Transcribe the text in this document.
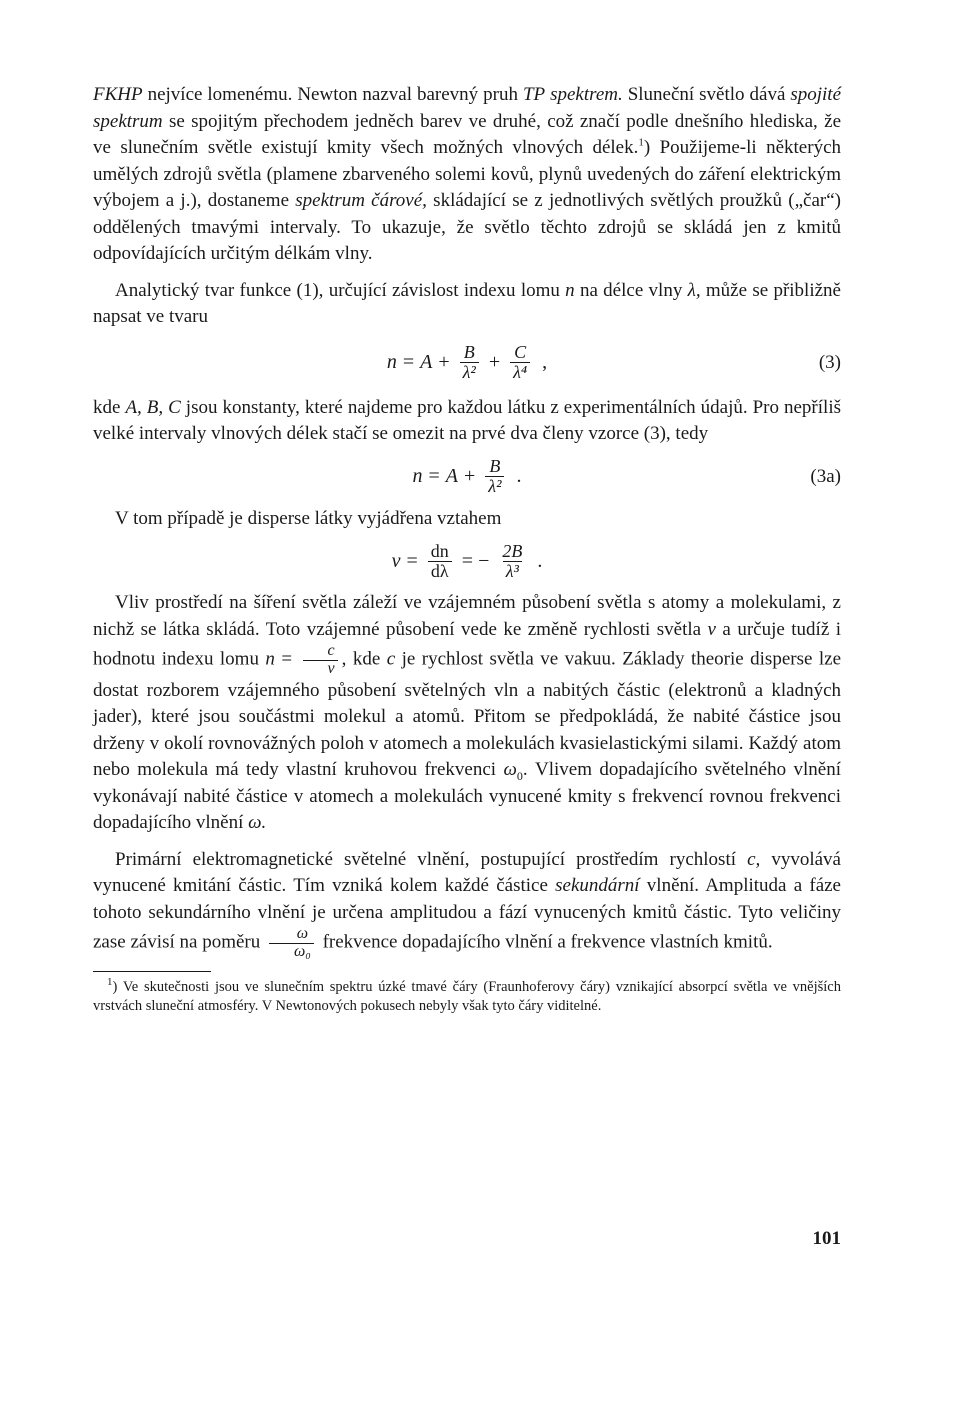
FKHP nejvíce lomenému. Newton nazval barevný pruh TP spektrem. Sluneční světlo dává spojité spektrum se spojitým přechodem jedněch barev ve druhé, což značí podle dnešního hlediska, že ve slunečním světle existují kmity všech možných vlnových délek.$^1$) Použijeme-li některých umělých zdrojů světla (plamene zbarveného solemi kovů, plynů uvedených do záření elektrickým výbojem a j.), dostaneme spektrum čárové, skládající se z jednotlivých světlých proužků („čar“) oddělených tmavými intervaly. To ukazuje, že světlo těchto zdrojů se skládá jen z kmitů odpovídajících určitým délkám vlny.

Analytický tvar funkce (1), určující závislost indexu lomu n na délce vlny λ, může se přibližně napsat ve tvaru

$n = A + \frac{B}{\text{λ²}} + \frac{C}{\text{λ⁴}}$ ,	(3)

kde A, B, C jsou konstanty, které najdeme pro každou látku z experimentálních údajů. Pro nepříliš velké intervaly vlnových délek stačí se omezit na prvé dva členy vzorce (3), tedy

$n = A + \frac{B}{\text{λ²}}$ .	(3a)

V tom případě je disperse látky vyjádřena vztahem

$\nu = \frac{dn}{d\lambda}$ = − $\frac{2B}{\text{λ³}}$ .

Vliv prostředí na šíření světla záleží ve vzájemném působení světla s atomy a molekulami, z nichž se látka skládá. Toto vzájemné působení vede ke změně rychlosti světla v a určuje tudíž i hodnotu indexu lomu $n = \frac{c}{v}$ , kde c je rychlost světla ve vakuu. Základy theorie disperse lze dostat rozborem vzájemného působení světelných vln a nabitých částic (elektronů a kladných jader), které jsou součástmi molekul a atomů. Přitom se předpokládá, že nabité částice jsou drženy v okolí rovnovážných poloh v atomech a molekulách kvasielastickými silami. Každý atom nebo molekula má tedy vlastní kruhovou frekvenci $\omega_0$. Vlivem dopadajícího světelného vlnění vykonávají nabité částice v atomech a molekulách vynucené kmity s frekvencí rovnou frekvenci dopadajícího vlnění ω.

Primární elektromagnetické světelné vlnění, postupující prostředím rychlostí c, vyvolává vynucené kmitání částic. Tím vzniká kolem každé částice sekundární vlnění. Amplituda a fáze tohoto sekundárního vlnění je určena amplitudou a fází vynucených kmitů částic. Tyto veličiny zase závisí na poměru $\frac{\omega}{\text{ω₀}}$ frekvence dopadajícího vlnění a frekvence vlastních kmitů.

$^1$) Ve skutečnosti jsou ve slunečním spektru úzké tmavé čáry (Fraunhoferovy čáry) vznikající absorpcí světla ve vnějších vrstvách sluneční atmosféry. V Newtonových pokusech nebyly však tyto čáry viditelné.

101
